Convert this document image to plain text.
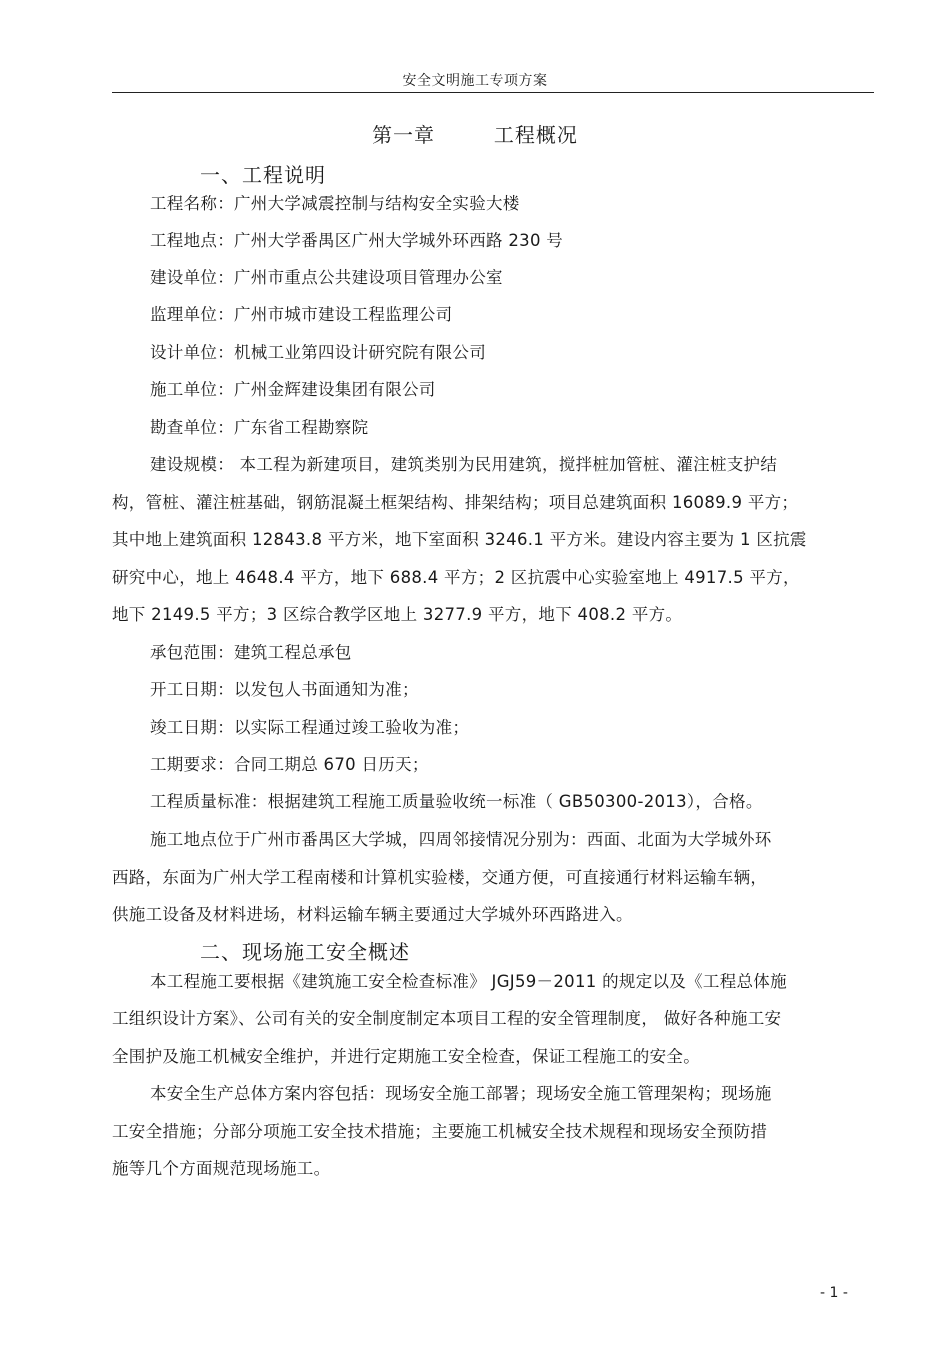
安全文明施工专项方案
第一章        工程概况
一、工程说明
工程名称：广州大学减震控制与结构安全实验大楼
工程地点：广州大学番禺区广州大学城外环西路 230 号
建设单位：广州市重点公共建设项目管理办公室
监理单位：广州市城市建设工程监理公司
设计单位：机械工业第四设计研究院有限公司
施工单位：广州金辉建设集团有限公司
勘查单位：广东省工程勘察院
建设规模： 本工程为新建项目，建筑类别为民用建筑，搅拌桩加管桩、灌注桩支护结
构，管桩、灌注桩基础，钢筋混凝土框架结构、排架结构；项目总建筑面积 16089.9 平方；
其中地上建筑面积 12843.8 平方米，地下室面积 3246.1 平方米。建设内容主要为 1 区抗震
研究中心，地上 4648.4 平方，地下 688.4 平方；2 区抗震中心实验室地上 4917.5 平方，
地下 2149.5 平方；3 区综合教学区地上 3277.9 平方，地下 408.2 平方。
承包范围：建筑工程总承包
开工日期：以发包人书面通知为准；
竣工日期：以实际工程通过竣工验收为准；
工期要求：合同工期总 670 日历天；
工程质量标准：根据建筑工程施工质量验收统一标准（ GB50300-2013），合格。
施工地点位于广州市番禺区大学城，四周邻接情况分别为：西面、北面为大学城外环
西路，东面为广州大学工程南楼和计算机实验楼，交通方便，可直接通行材料运输车辆，
供施工设备及材料进场，材料运输车辆主要通过大学城外环西路进入。
二、现场施工安全概述
本工程施工要根据《建筑施工安全检查标准》 JGJ59－2011 的规定以及《工程总体施
工组织设计方案》、公司有关的安全制度制定本项目工程的安全管理制度， 做好各种施工安
全围护及施工机械安全维护，并进行定期施工安全检查，保证工程施工的安全。
本安全生产总体方案内容包括：现场安全施工部署；现场安全施工管理架构；现场施
工安全措施；分部分项施工安全技术措施；主要施工机械安全技术规程和现场安全预防措
施等几个方面规范现场施工。
- 1 -
